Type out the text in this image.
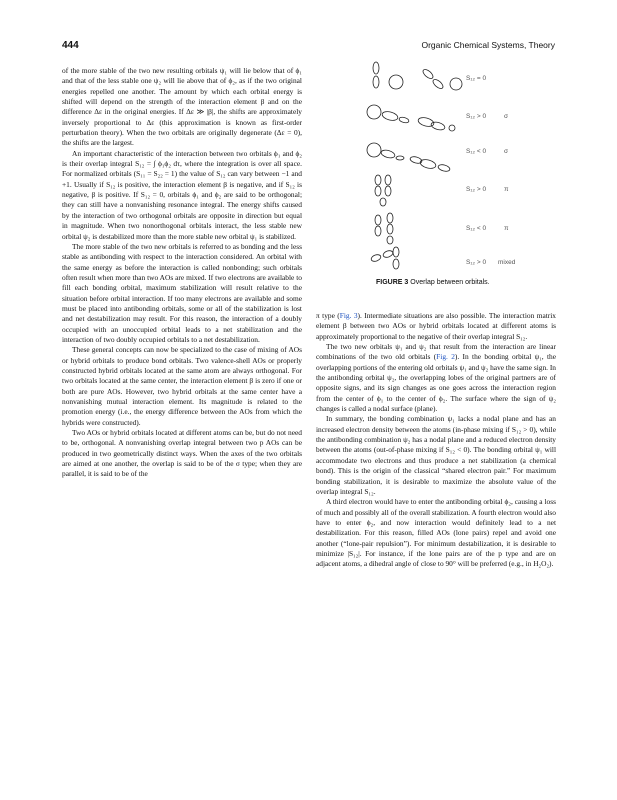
444	Organic Chemical Systems, Theory

of the more stable of the two new resulting orbitals ψ₁ will lie below that of ϕ₁ and that of the less stable one ψ₂ will lie above that of ϕ₂, as if the two original energies repelled one another. The amount by which each orbital energy is shifted will depend on the strength of the interaction element β and on the difference Δε in the original energies. If Δε ≫ |β|, the shifts are approximately inversely proportional to Δε (this approximation is known as first-order perturbation theory). When the two orbitals are originally degenerate (Δε = 0), the shifts are the largest.

An important characteristic of the interaction between two orbitals ϕ₁ and ϕ₂ is their overlap integral S₁₂ = ∫ ϕ₁ϕ₂ dτ, where the integration is over all space. For normalized orbitals (S₁₁ = S₂₂ = 1) the value of S₁₂ can vary between −1 and +1. Usually if S₁₂ is positive, the interaction element β is negative, and if S₁₂ is negative, β is positive. If S₁₂ = 0, orbitals ϕ₁ and ϕ₂ are said to be orthogonal; they can still have a nonvanishing resonance integral. The energy shifts caused by the interaction of two orthogonal orbitals are opposite in direction but equal in magnitude. When two nonorthogonal orbitals interact, the less stable new orbital ψ₂ is destabilized more than the more stable new orbital ψ₁ is stabilized.

The more stable of the two new orbitals is referred to as bonding and the less stable as antibonding with respect to the interaction considered. An orbital with the same energy as before the interaction is called nonbonding; such orbitals often result when more than two AOs are mixed. If two electrons are available to fill each bonding orbital, maximum stabilization will result relative to the situation before orbital interaction. If too many electrons are available and some must be placed into antibonding orbitals, some or all of the stabilization is lost and net destabilization may result. For this reason, the interaction of a doubly occupied with an unoccupied orbital leads to a net stabilization and the interaction of two doubly occupied orbitals to a net destabilization.

These general concepts can now be specialized to the case of mixing of AOs or hybrid orbitals to produce bond orbitals. Two valence-shell AOs or properly constructed hybrid orbitals located at the same atom are always orthogonal. For two orbitals located at the same center, the interaction element β is zero if one or both are pure AOs. However, two hybrid orbitals at the same center have a nonvanishing mutual interaction element. Its magnitude is related to the promotion energy (i.e., the energy difference between the AOs from which the hybrids were constructed).

Two AOs or hybrid orbitals located at different atoms can be, but do not need to be, orthogonal. A nonvanishing overlap integral between two p AOs can be produced in two geometrically distinct ways. When the axes of the two orbitals are aimed at one another, the overlap is said to be of the σ type; when they are parallel, it is said to be of the

S₁₂ = 0
S₁₂ > 0	σ
S₁₂ < 0	σ
S₁₂ > 0	π
S₁₂ < 0	π
S₁₂ > 0 mixed
FIGURE 3 Overlap between orbitals.

π type (Fig. 3). Intermediate situations are also possible. The interaction matrix element β between two AOs or hybrid orbitals located at different atoms is approximately proportional to the negative of their overlap integral S₁₂.

The two new orbitals ψ₁ and ψ₂ that result from the interaction are linear combinations of the two old orbitals (Fig. 2). In the bonding orbital ψ₁, the overlapping portions of the entering old orbitals ψ₁ and ψ₂ have the same sign. In the antibonding orbital ψ₂, the overlapping lobes of the original partners are of opposite signs, and its sign changes as one goes across the interaction region from the center of ϕ₁ to the center of ϕ₂. The surface where the sign of ψ₂ changes is called a nodal surface (plane).

In summary, the bonding combination ψ₁ lacks a nodal plane and has an increased electron density between the atoms (in-phase mixing if S₁₂ > 0), while the antibonding combination ψ₂ has a nodal plane and a reduced electron density between the atoms (out-of-phase mixing if S₁₂ < 0). The bonding orbital ψ₁ will accommodate two electrons and thus produce a net stabilization (a chemical bond). This is the origin of the classical “shared electron pair.” For maximum bonding stabilization, it is desirable to maximize the absolute value of the overlap integral S₁₂.

A third electron would have to enter the antibonding orbital ϕ₂, causing a loss of much and possibly all of the overall stabilization. A fourth electron would also have to enter ϕ₂, and now interaction would definitely lead to a net destabilization. For this reason, filled AOs (lone pairs) repel and avoid one another (“lone-pair repulsion”). For minimum destabilization, it is desirable to minimize |S₁₂|. For instance, if the lone pairs are of the p type and are on adjacent atoms, a dihedral angle of close to 90° will be preferred (e.g., in H₂O₂).
